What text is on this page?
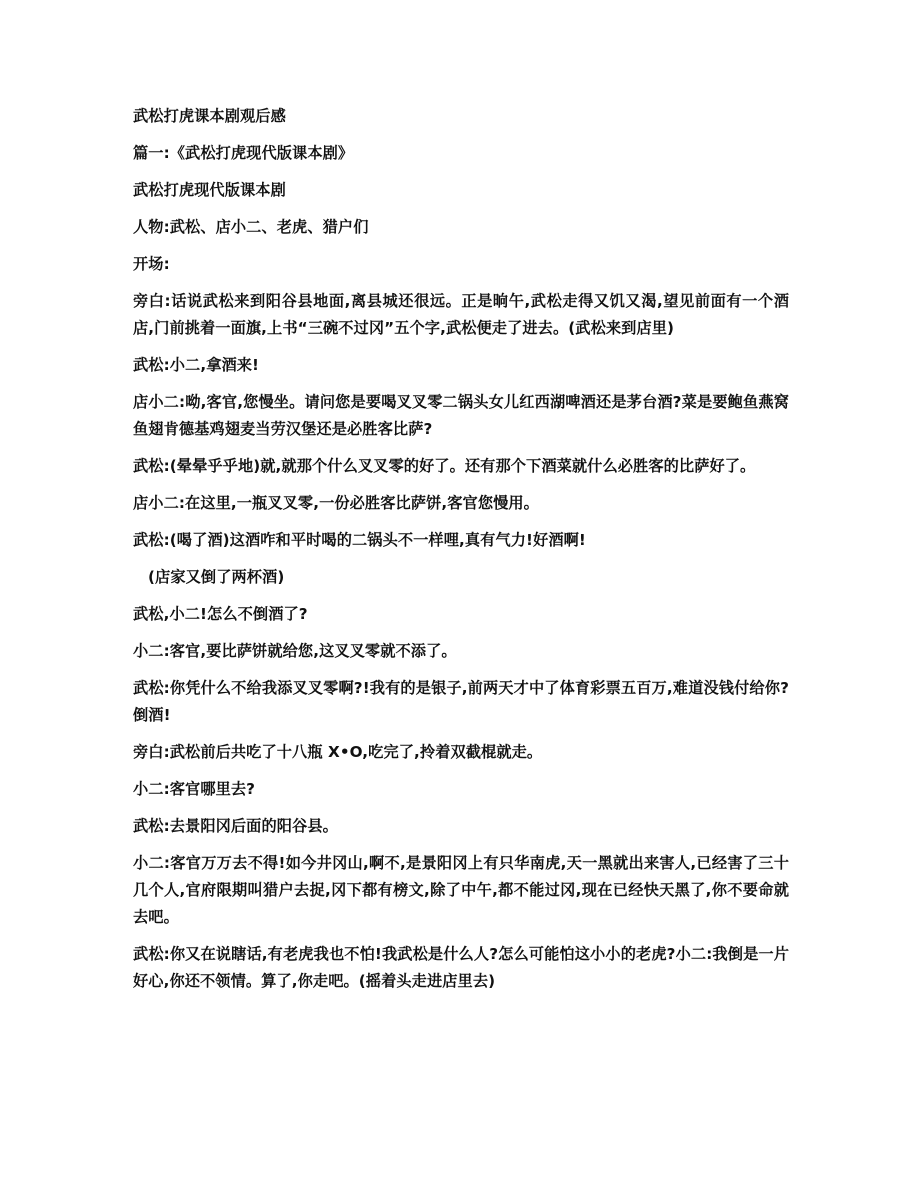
武松打虎课本剧观后感

篇一:《武松打虎现代版课本剧》

武松打虎现代版课本剧

人物:武松、店小二、老虎、猎户们

开场:

旁白:话说武松来到阳谷县地面,离县城还很远。正是晌午,武松走得又饥又渴,望见前面有一个酒店,门前挑着一面旗,上书“三碗不过冈”五个字,武松便走了进去。(武松来到店里)

武松:小二,拿酒来!

店小二:呦,客官,您慢坐。请问您是要喝叉叉零二锅头女儿红西湖啤酒还是茅台酒?菜是要鲍鱼燕窝鱼翅肯德基鸡翅麦当劳汉堡还是必胜客比萨?

武松:(晕晕乎乎地)就,就那个什么叉叉零的好了。还有那个下酒菜就什么必胜客的比萨好了。

店小二:在这里,一瓶叉叉零,一份必胜客比萨饼,客官您慢用。

武松:(喝了酒)这酒咋和平时喝的二锅头不一样哩,真有气力!好酒啊!

(店家又倒了两杯酒)

武松,小二!怎么不倒酒了?

小二:客官,要比萨饼就给您,这叉叉零就不添了。

武松:你凭什么不给我添叉叉零啊?!我有的是银子,前两天才中了体育彩票五百万,难道没钱付给你?倒酒!

旁白:武松前后共吃了十八瓶 X•O,吃完了,拎着双截棍就走。

小二:客官哪里去?

武松:去景阳冈后面的阳谷县。

小二:客官万万去不得!如今井冈山,啊不,是景阳冈上有只华南虎,天一黑就出来害人,已经害了三十几个人,官府限期叫猎户去捉,冈下都有榜文,除了中午,都不能过冈,现在已经快天黑了,你不要命就去吧。

武松:你又在说瞎话,有老虎我也不怕!我武松是什么人?怎么可能怕这小小的老虎?小二:我倒是一片好心,你还不领情。算了,你走吧。(摇着头走进店里去)
